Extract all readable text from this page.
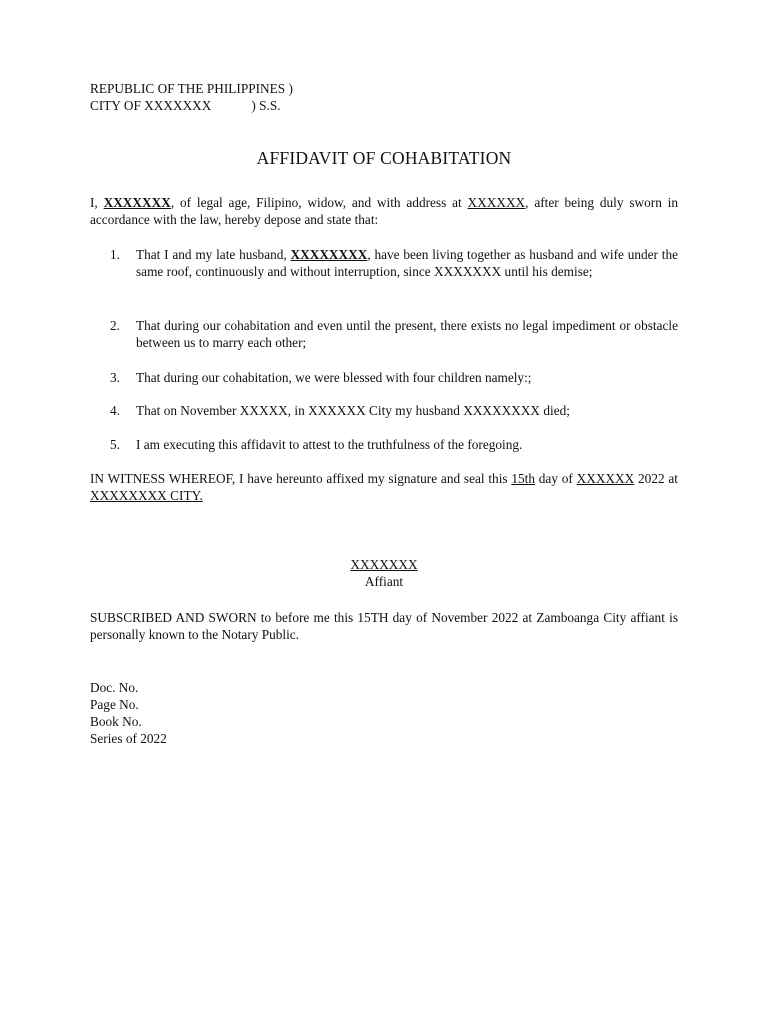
REPUBLIC OF THE PHILIPPINES )
CITY OF XXXXXXX	) S.S.
AFFIDAVIT OF COHABITATION
I, XXXXXXX, of legal age, Filipino, widow, and with address at XXXXXX, after being duly sworn in accordance with the law, hereby depose and state that:
1.	That I and my late husband, XXXXXXXX, have been living together as husband and wife under the same roof, continuously and without interruption, since XXXXXXX until his demise;
2.	That during our cohabitation and even until the present, there exists no legal impediment or obstacle between us to marry each other;
3.	That during our cohabitation, we were blessed with four children namely:;
4.	That on November XXXXX, in XXXXXX City my husband XXXXXXXX died;
5.	I am executing this affidavit to attest to the truthfulness of the foregoing.
IN WITNESS WHEREOF, I have hereunto affixed my signature and seal this 15th day of XXXXXX 2022 at XXXXXXXX CITY.
XXXXXXX
Affiant
SUBSCRIBED AND SWORN to before me this 15TH day of November 2022 at Zamboanga City affiant is personally known to the Notary Public.
Doc. No.
Page No.
Book No.
Series of 2022
